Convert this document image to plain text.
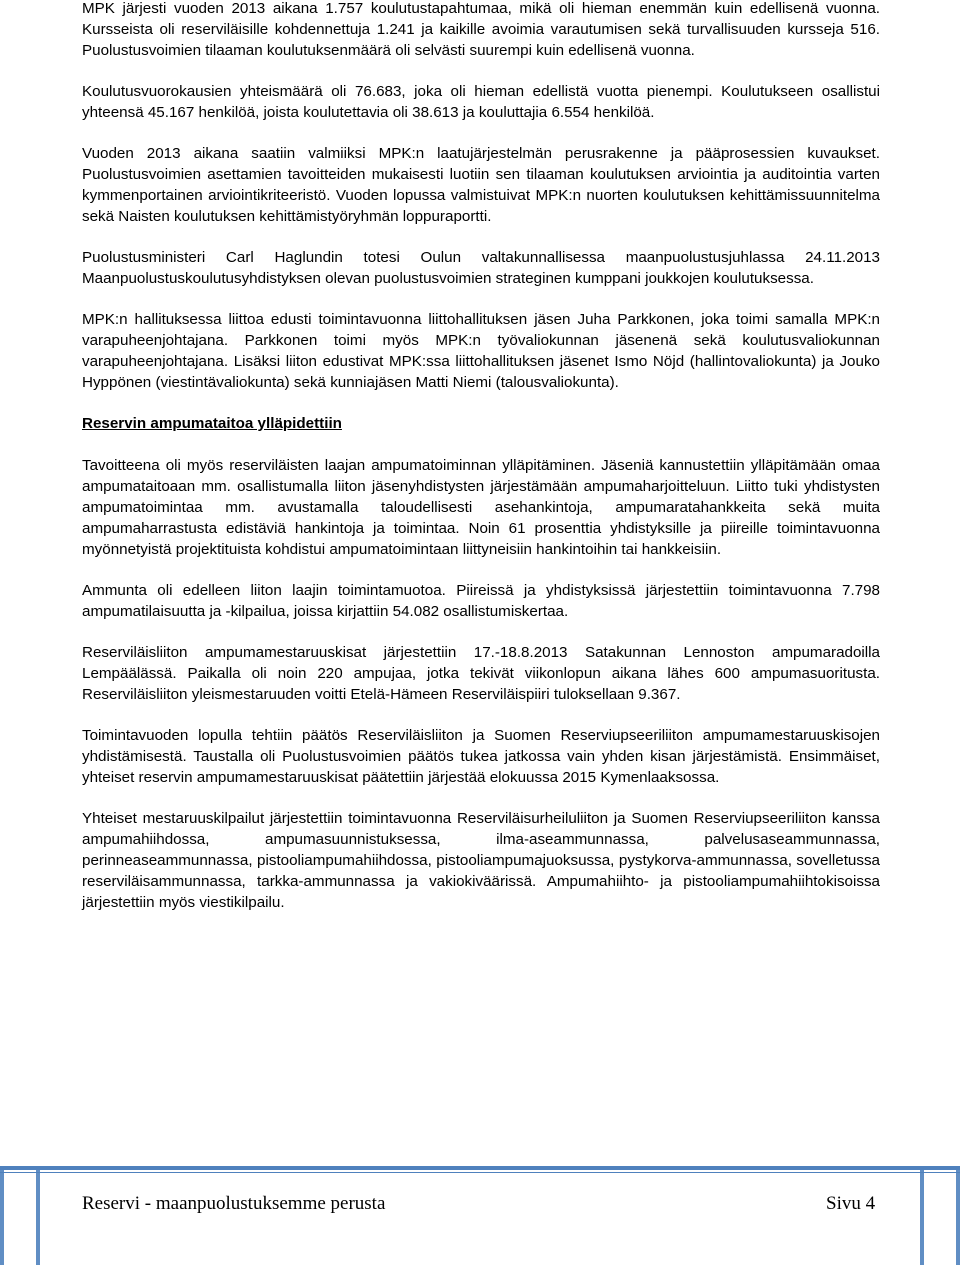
MPK järjesti vuoden 2013 aikana 1.757 koulutustapahtumaa, mikä oli hieman enemmän kuin edellisenä vuonna. Kursseista oli reserviläisille kohdennettuja 1.241 ja kaikille avoimia varautumisen sekä turvallisuuden kursseja 516. Puolustusvoimien tilaaman koulutuksenmäärä oli selvästi suurempi kuin edellisenä vuonna.

Koulutusvuorokausien yhteismäärä oli 76.683, joka oli hieman edellistä vuotta pienempi. Koulutukseen osallistui yhteensä 45.167 henkilöä, joista koulutettavia oli 38.613 ja kouluttajia 6.554 henkilöä.

Vuoden 2013 aikana saatiin valmiiksi MPK:n laatujärjestelmän perusrakenne ja pääprosessien kuvaukset. Puolustusvoimien asettamien tavoitteiden mukaisesti luotiin sen tilaaman koulutuksen arviointia ja auditointia varten kymmenportainen arviointikriteeristö. Vuoden lopussa valmistuivat MPK:n nuorten koulutuksen kehittämissuunnitelma sekä Naisten koulutuksen kehittämistyöryhmän loppuraportti.

Puolustusministeri Carl Haglundin totesi Oulun valtakunnallisessa maanpuolustusjuhlassa 24.11.2013 Maanpuolustuskoulutusyhdistyksen olevan puolustusvoimien strateginen kumppani joukkojen koulutuksessa.

MPK:n hallituksessa liittoa edusti toimintavuonna liittohallituksen jäsen Juha Parkkonen, joka toimi samalla MPK:n varapuheenjohtajana. Parkkonen toimi myös MPK:n työvaliokunnan jäsenenä sekä koulutusvaliokunnan varapuheenjohtajana. Lisäksi liiton edustivat MPK:ssa liittohallituksen jäsenet Ismo Nöjd (hallintovaliokunta) ja Jouko Hyppönen (viestintävaliokunta) sekä kunniajäsen Matti Niemi (talousvaliokunta).

Reservin ampumataitoa ylläpidettiin

Tavoitteena oli myös reserviläisten laajan ampumatoiminnan ylläpitäminen. Jäseniä kannustettiin ylläpitämään omaa ampumataitoaan mm. osallistumalla liiton jäsenyhdistysten järjestämään ampumaharjoitteluun. Liitto tuki yhdistysten ampumatoimintaa mm. avustamalla taloudellisesti asehankintoja, ampumaratahankkeita sekä muita ampumaharrastusta edistäviä hankintoja ja toimintaa. Noin 61 prosenttia yhdistyksille ja piireille toimintavuonna myönnetyistä projektituista kohdistui ampumatoimintaan liittyneisiin hankintoihin tai hankkeisiin.

Ammunta oli edelleen liiton laajin toimintamuotoa. Piireissä ja yhdistyksissä järjestettiin toimintavuonna 7.798 ampumatilaisuutta ja -kilpailua, joissa kirjattiin 54.082 osallistumiskertaa.

Reserviläisliiton ampumamestaruuskisat järjestettiin 17.-18.8.2013 Satakunnan Lennoston ampumaradoilla Lempäälässä. Paikalla oli noin 220 ampujaa, jotka tekivät viikonlopun aikana lähes 600 ampumasuoritusta. Reserviläisliiton yleismestaruuden voitti Etelä-Hämeen Reserviläispiiri tuloksellaan 9.367.

Toimintavuoden lopulla tehtiin päätös Reserviläisliiton ja Suomen Reserviupseeriliiton ampumamestaruuskisojen yhdistämisestä. Taustalla oli Puolustusvoimien päätös tukea jatkossa vain yhden kisan järjestämistä. Ensimmäiset, yhteiset reservin ampumamestaruuskisat päätettiin järjestää elokuussa 2015 Kymenlaaksossa.

Yhteiset mestaruuskilpailut järjestettiin toimintavuonna Reserviläisurheiluliiton ja Suomen Reserviupseeriliiton kanssa ampumahiihdossa, ampumasuunnistuksessa, ilma-aseammunnassa, palvelusaseammunnassa, perinneaseammunnassa, pistooliampumahiihdossa, pistooliampumajuoksussa, pystykorva-ammunnassa, sovelletussa reserviläisammunnassa, tarkka-ammunnassa ja vakiokiväärissä. Ampumahiihto- ja pistooliampumahiihtokisoissa järjestettiin myös viestikilpailu.

Reservi - maanpuolustuksemme perusta	Sivu 4
